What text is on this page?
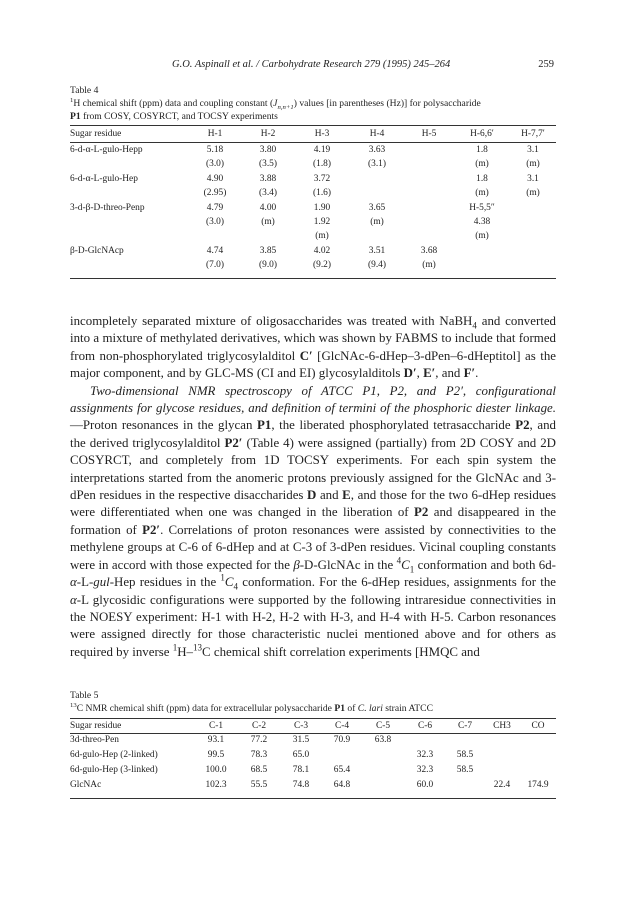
G.O. Aspinall et al. / Carbohydrate Research 279 (1995) 245–264	259
Table 4
$^1$H chemical shift (ppm) data and coupling constant $(J_{n,n+1})$ values [in parentheses (Hz)] for polysaccharide
P1 from COSY, COSYRCT, and TOCSY experiments
Sugar residue	H-1	H-2	H-3	H-4	H-5	H-6,6′	H-7,7′
6-d-α-L-gulo-Hepp	5.18	3.80	4.19	3.63		1.8	3.1
	(3.0)	(3.5)	(1.8)	(3.1)		(m)	(m)
6-d-α-L-gulo-Hep	4.90	3.88	3.72			1.8	3.1
	(2.95)	(3.4)	(1.6)			(m)	(m)
3-d-β-D-threo-Penp	4.79	4.00	1.90	3.65		H-5,5″	
	(3.0)	(m)	1.92	(m)		4.38	
			(m)			(m)	
β-D-GlcNAcp	4.74	3.85	4.02	3.51	3.68		
	(7.0)	(9.0)	(9.2)	(9.4)	(m)		

incompletely separated mixture of oligosaccharides was treated with NaBH$_4$ and converted into a mixture of methylated derivatives, which was shown by FABMS to include that formed from non-phosphorylated triglycosylalditol C′ [GlcNAc-6-dHep–3-dPen–6-dHeptitol] as the major component, and by GLC-MS (CI and EI) glycosylalditols D′, E′, and F′.

Two-dimensional NMR spectroscopy of ATCC P1, P2, and P2′, configurational assignments for glycose residues, and definition of termini of the phosphoric diester linkage.—Proton resonances in the glycan P1, the liberated phosphorylated tetrasaccharide P2, and the derived triglycosylalditol P2′ (Table 4) were assigned (partially) from 2D COSY and 2D COSYRCT, and completely from 1D TOCSY experiments. For each spin system the interpretations started from the anomeric protons previously assigned for the GlcNAc and 3-dPen residues in the respective disaccharides D and E, and those for the two 6-dHep residues were differentiated when one was changed in the liberation of P2 and disappeared in the formation of P2′. Correlations of proton resonances were assisted by connectivities to the methylene groups at C-6 of 6-dHep and at C-3 of 3-dPen residues. Vicinal coupling constants were in accord with those expected for the β-D-GlcNAc in the $^4C_1$ conformation and both 6d-α-L-gul-Hep residues in the $^1C_4$ conformation. For the 6-dHep residues, assignments for the α-L glycosidic configurations were supported by the following intraresidue connectivities in the NOESY experiment: H-1 with H-2, H-2 with H-3, and H-4 with H-5. Carbon resonances were assigned directly for those characteristic nuclei mentioned above and for others as required by inverse $^1$H–$^{13}$C chemical shift correlation experiments [HMQC and

Table 5
$^{13}$C NMR chemical shift (ppm) data for extracellular polysaccharide P1 of C. lari strain ATCC
Sugar residue	C-1	C-2	C-3	C-4	C-5	C-6	C-7	CH3	CO
3d-threo-Pen	93.1	77.2	31.5	70.9	63.8				
6d-gulo-Hep (2-linked)	99.5	78.3	65.0			32.3	58.5		
6d-gulo-Hep (3-linked)	100.0	68.5	78.1	65.4		32.3	58.5		
GlcNAc	102.3	55.5	74.8	64.8		60.0		22.4	174.9
